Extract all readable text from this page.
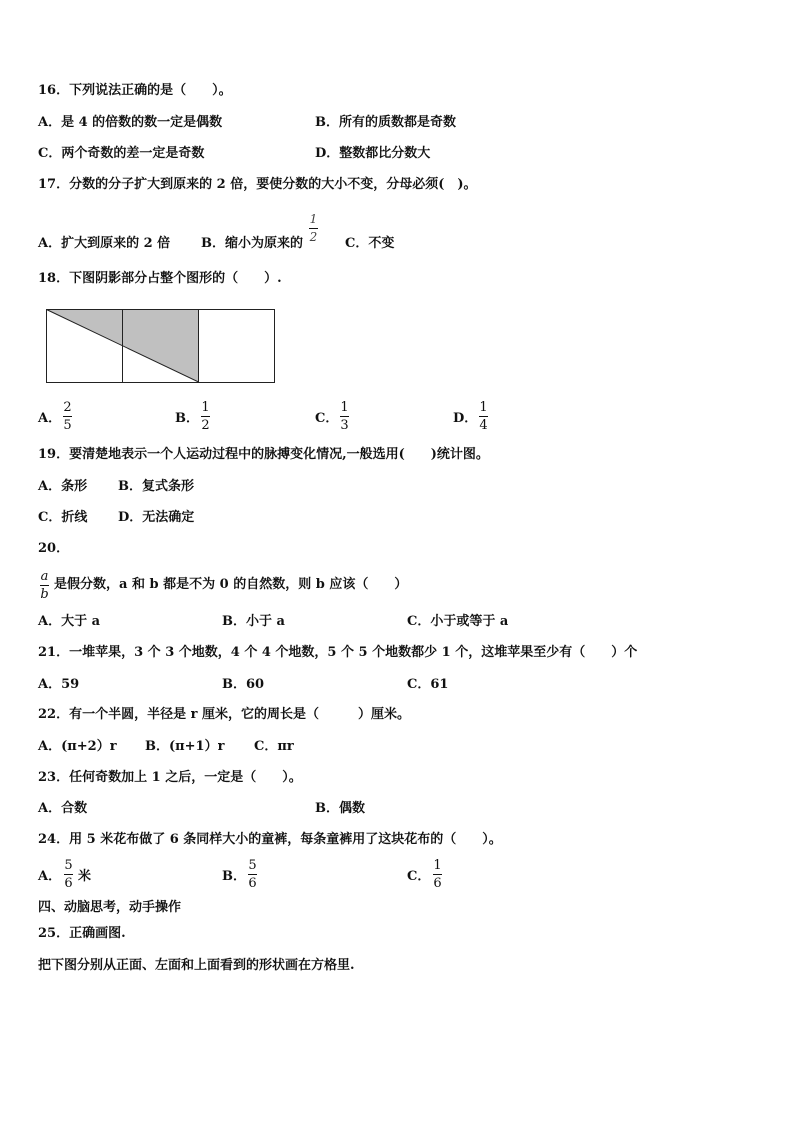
16．下列说法正确的是（　　）。
A．是 4 的倍数的数一定是偶数	B．所有的质数都是奇数
C．两个奇数的差一定是奇数	D．整数都比分数大
17．分数的分子扩大到原来的 2 倍，要使分数的大小不变，分母必须(　)。
A．扩大到原来的 2 倍 B．缩小为原来的
1
2 C．不变
18．下图阴影部分占整个图形的（　　）.
A．
2
5	B．
1
2	C．
1
3	D．
1
4
19．要清楚地表示一个人运动过程中的脉搏变化情况,一般选用(　　)统计图。
A．条形 B．复式条形
C．折线 D．无法确定
20．
a
b
是假分数，a 和 b 都是不为 0 的自然数，则 b 应该（　　）
A．大于 a	B．小于 a	C．小于或等于 a
21．一堆苹果，3 个 3 个地数，4 个 4 个地数，5 个 5 个地数都少 1 个，这堆苹果至少有（　　）个
A．59	B．60	C．61
22．有一个半圆，半径是 r 厘米，它的周长是（　　　）厘米。
A．(π+2）r B．(π+1）r C．πr
23．任何奇数加上 1 之后，一定是（　　）。
A．合数	B．偶数
24．用 5 米花布做了 6 条同样大小的童裤，每条童裤用了这块花布的（　　）。
A．
5
6 米	B．
5
6	C．
1
6
四、动脑思考，动手操作
25．正确画图.
把下图分别从正面、左面和上面看到的形状画在方格里.
